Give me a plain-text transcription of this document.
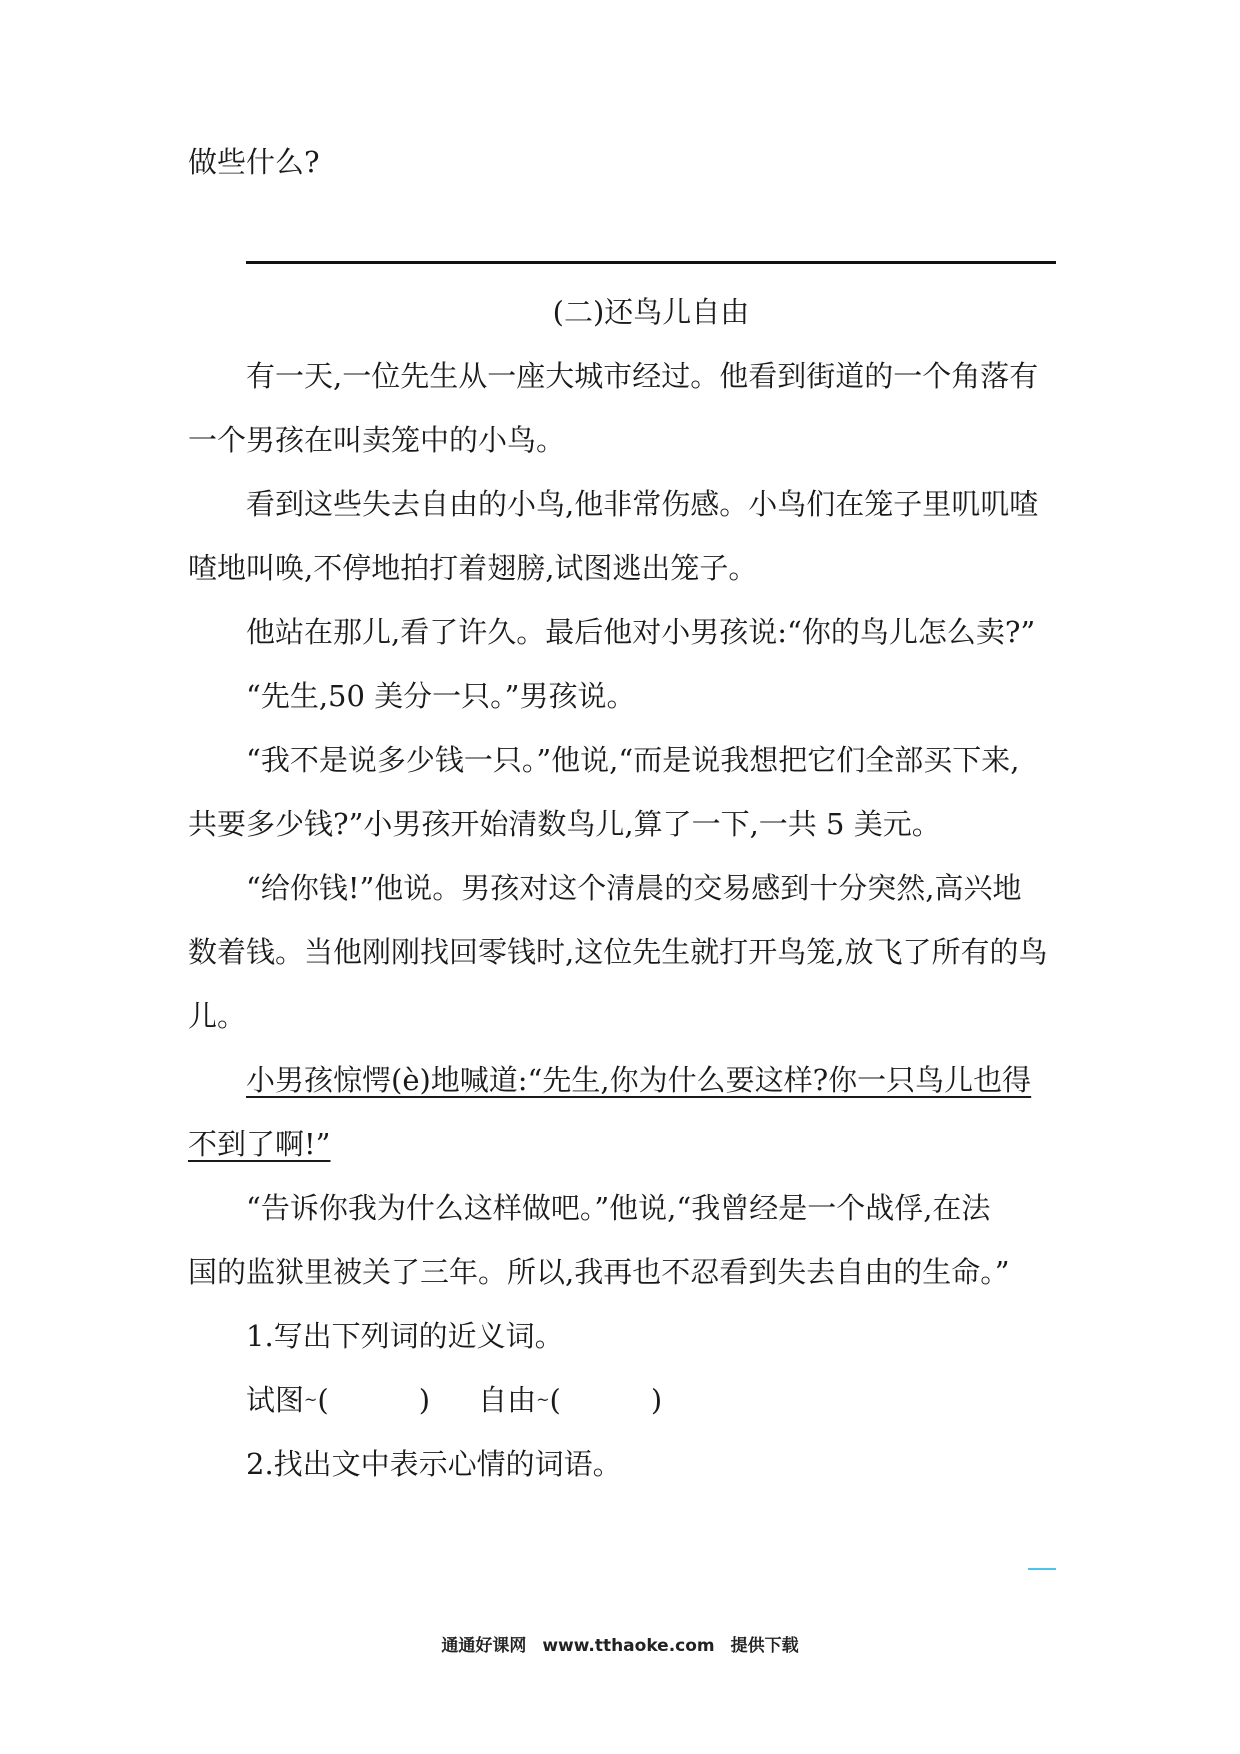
做些什么?
(二)还鸟儿自由
有一天,一位先生从一座大城市经过。他看到街道的一个角落有
一个男孩在叫卖笼中的小鸟。
看到这些失去自由的小鸟,他非常伤感。小鸟们在笼子里叽叽喳
喳地叫唤,不停地拍打着翅膀,试图逃出笼子。
他站在那儿,看了许久。最后他对小男孩说:“你的鸟儿怎么卖?”
“先生,50 美分一只。”男孩说。
“我不是说多少钱一只。”他说,“而是说我想把它们全部买下来,
共要多少钱?”小男孩开始清数鸟儿,算了一下,一共 5 美元。
“给你钱!”他说。男孩对这个清晨的交易感到十分突然,高兴地
数着钱。当他刚刚找回零钱时,这位先生就打开鸟笼,放飞了所有的鸟
儿。
小男孩惊愕(è)地喊道:“先生,你为什么要这样?你一只鸟儿也得
不到了啊!”
“告诉你我为什么这样做吧。”他说,“我曾经是一个战俘,在法
国的监狱里被关了三年。所以,我再也不忍看到失去自由的生命。”
1.写出下列词的近义词。
试图~(	) 自由~(	)
2.找出文中表示心情的词语。
通通好课网 www.tthaoke.com 提供下载
